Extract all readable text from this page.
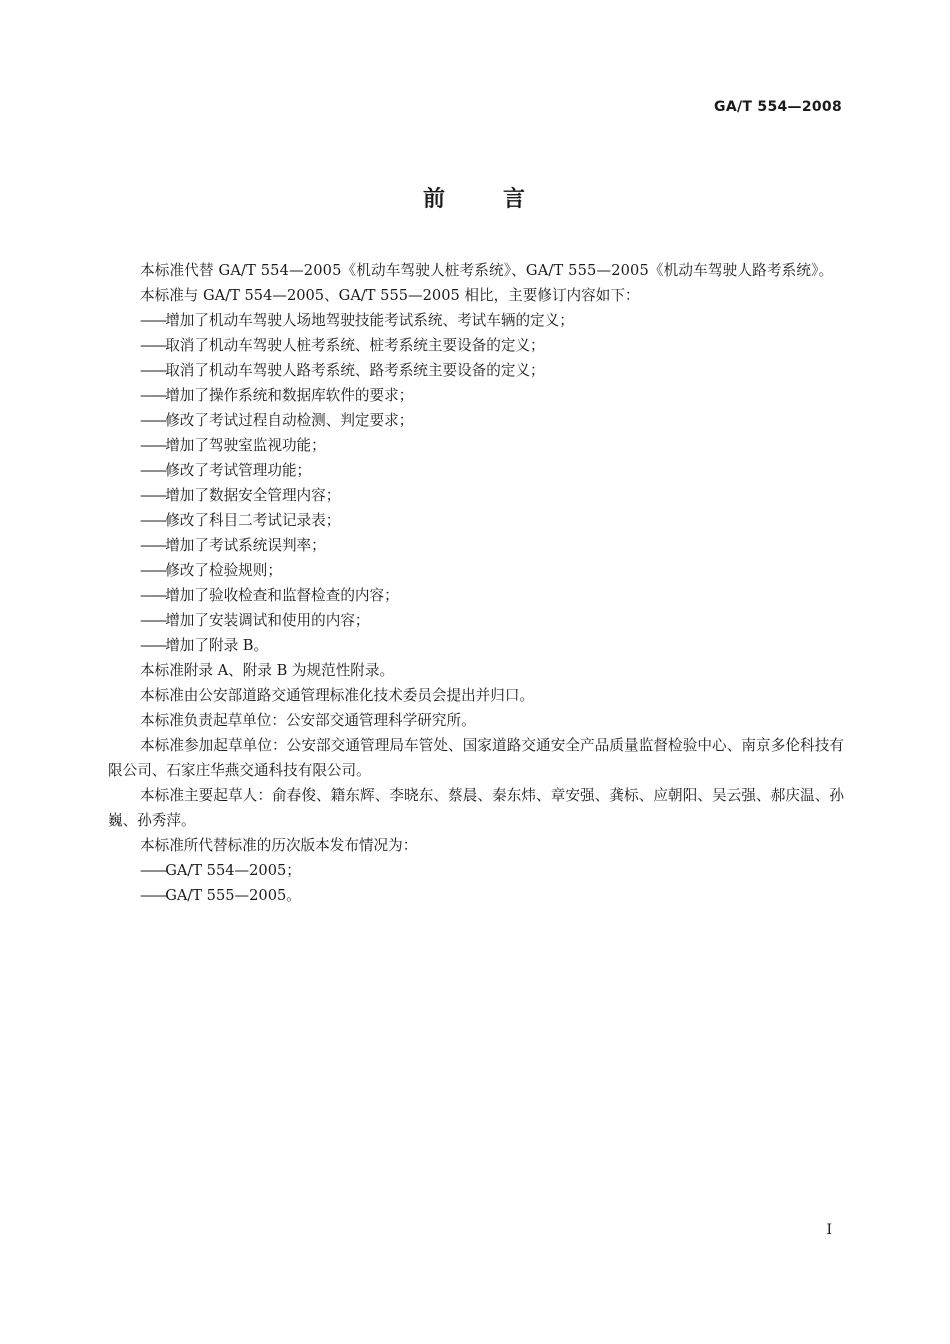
GA/T 554—2008
前	言

本标准代替 GA/T 554—2005《机动车驾驶人桩考系统》、GA/T 555—2005《机动车驾驶人路考系统》。

本标准与 GA/T 554—2005、GA/T 555—2005 相比，主要修订内容如下：

——增加了机动车驾驶人场地驾驶技能考试系统、考试车辆的定义；

——取消了机动车驾驶人桩考系统、桩考系统主要设备的定义；

——取消了机动车驾驶人路考系统、路考系统主要设备的定义；

——增加了操作系统和数据库软件的要求；

——修改了考试过程自动检测、判定要求；

——增加了驾驶室监视功能；

——修改了考试管理功能；

——增加了数据安全管理内容；

——修改了科目二考试记录表；

——增加了考试系统误判率；

——修改了检验规则；

——增加了验收检查和监督检查的内容；

——增加了安装调试和使用的内容；

——增加了附录 B。

本标准附录 A、附录 B 为规范性附录。

本标准由公安部道路交通管理标准化技术委员会提出并归口。

本标准负责起草单位：公安部交通管理科学研究所。

本标准参加起草单位：公安部交通管理局车管处、国家道路交通安全产品质量监督检验中心、南京多伦科技有限公司、石家庄华燕交通科技有限公司。

本标准主要起草人：俞春俊、籍东辉、李晓东、蔡晨、秦东炜、章安强、龚标、应朝阳、吴云强、郝庆温、孙巍、孙秀萍。

本标准所代替标准的历次版本发布情况为：

——GA/T 554—2005；

——GA/T 555—2005。

I
